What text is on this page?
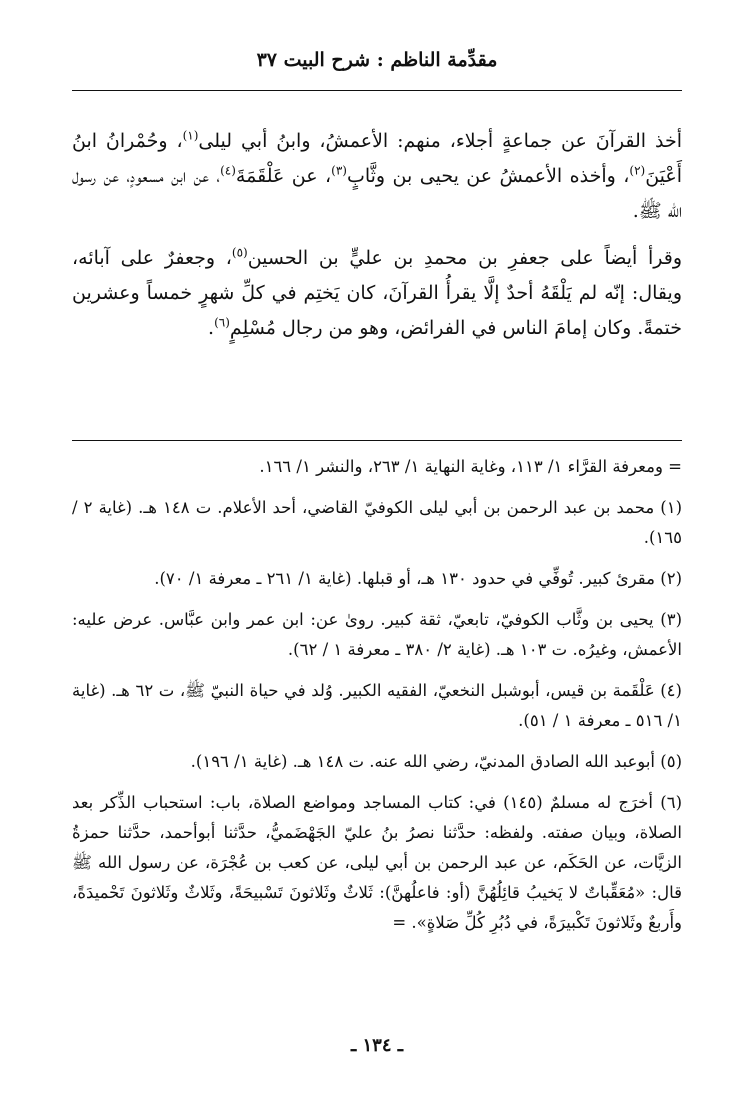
مقدِّمة الناظم : شرح البيت ٣٧

أخذ القرآنَ عن جماعةٍ أجلاء، منهم: الأعمشُ، وابنُ أبي ليلى$^{(١)}$، وحُمْرانُ ابنُ أَعْيَنَ$^{(٢)}$، وأخذه الأعمشُ عن يحيى بن وثَّابٍ$^{(٣)}$، عن عَلْقَمَةَ$^{(٤)}$، عن ابن مسعودٍ، عن رسول الله ﷺ.

وقرأ أيضاً على جعفرِ بن محمدِ بن عليٍّ بن الحسين$^{(٥)}$، وجعفرٌ على آبائه، ويقال: إنّه لم يَلْقَهُ أحدٌ إلَّا يقرأُ القرآنَ، كان يَختِم في كلِّ شهرٍ خمساً وعشرين ختمةً. وكان إمامَ الناس في الفرائض، وهو من رجال مُسْلِمٍ$^{(٦)}$.

= ومعرفة القرَّاء ١/ ١١٣، وغاية النهاية ١/ ٢٦٣، والنشر ١/ ١٦٦.

(١) محمد بن عبد الرحمن بن أبي ليلى الكوفيّ القاضي، أحد الأعلام. ت ١٤٨ هـ. (غاية ٢ / ١٦٥).

(٢) مقرئ كبير. تُوفِّي في حدود ١٣٠ هـ، أو قبلها. (غاية ١/ ٢٦١ ـ معرفة ١/ ٧٠).

(٣) يحيى بن وثَّاب الكوفيّ، تابعيّ، ثقة كبير. روىٰ عن: ابن عمر وابن عبَّاس. عرض عليه: الأعمش، وغيرُه. ت ١٠٣ هـ. (غاية ٢/ ٣٨٠ ـ معرفة ١ / ٦٢).

(٤) عَلْقَمة بن قيس، أبوشبل النخعيّ، الفقيه الكبير. وُلد في حياة النبيّ ﷺ، ت ٦٢ هـ. (غاية ١/ ٥١٦ ـ معرفة ١ / ٥١).

(٥) أبوعبد الله الصادق المدنيّ، رضي الله عنه. ت ١٤٨ هـ. (غاية ١/ ١٩٦).

(٦) أخرَج له مسلمٌ (١٤٥) في: كتاب المساجد ومواضع الصلاة، باب: استحباب الذِّكر بعد الصلاة، وبيان صفته. ولفظه: حدَّثنا نصرُ بنُ عليّ الجَهْضَميُّ، حدَّثنا أبوأحمد، حدَّثنا حمزةُ الزيَّات، عن الحَكَم، عن عبد الرحمن بن أبي ليلى، عن كعب بن عُجْرَة، عن رسول الله ﷺ قال: «مُعَقِّباتٌ لا يَخيبُ قائِلُهُنَّ (أو: فاعلُهنَّ): ثَلاثٌ وثَلاثونَ تَسْبيحَةً، وثَلاثٌ وثَلاثونَ تَحْميدَةً، وأَربعٌ وثَلاثونَ تَكْبيرَةً، في دُبُرِ كُلِّ صَلاةٍ». =

ـ ١٣٤ ـ
